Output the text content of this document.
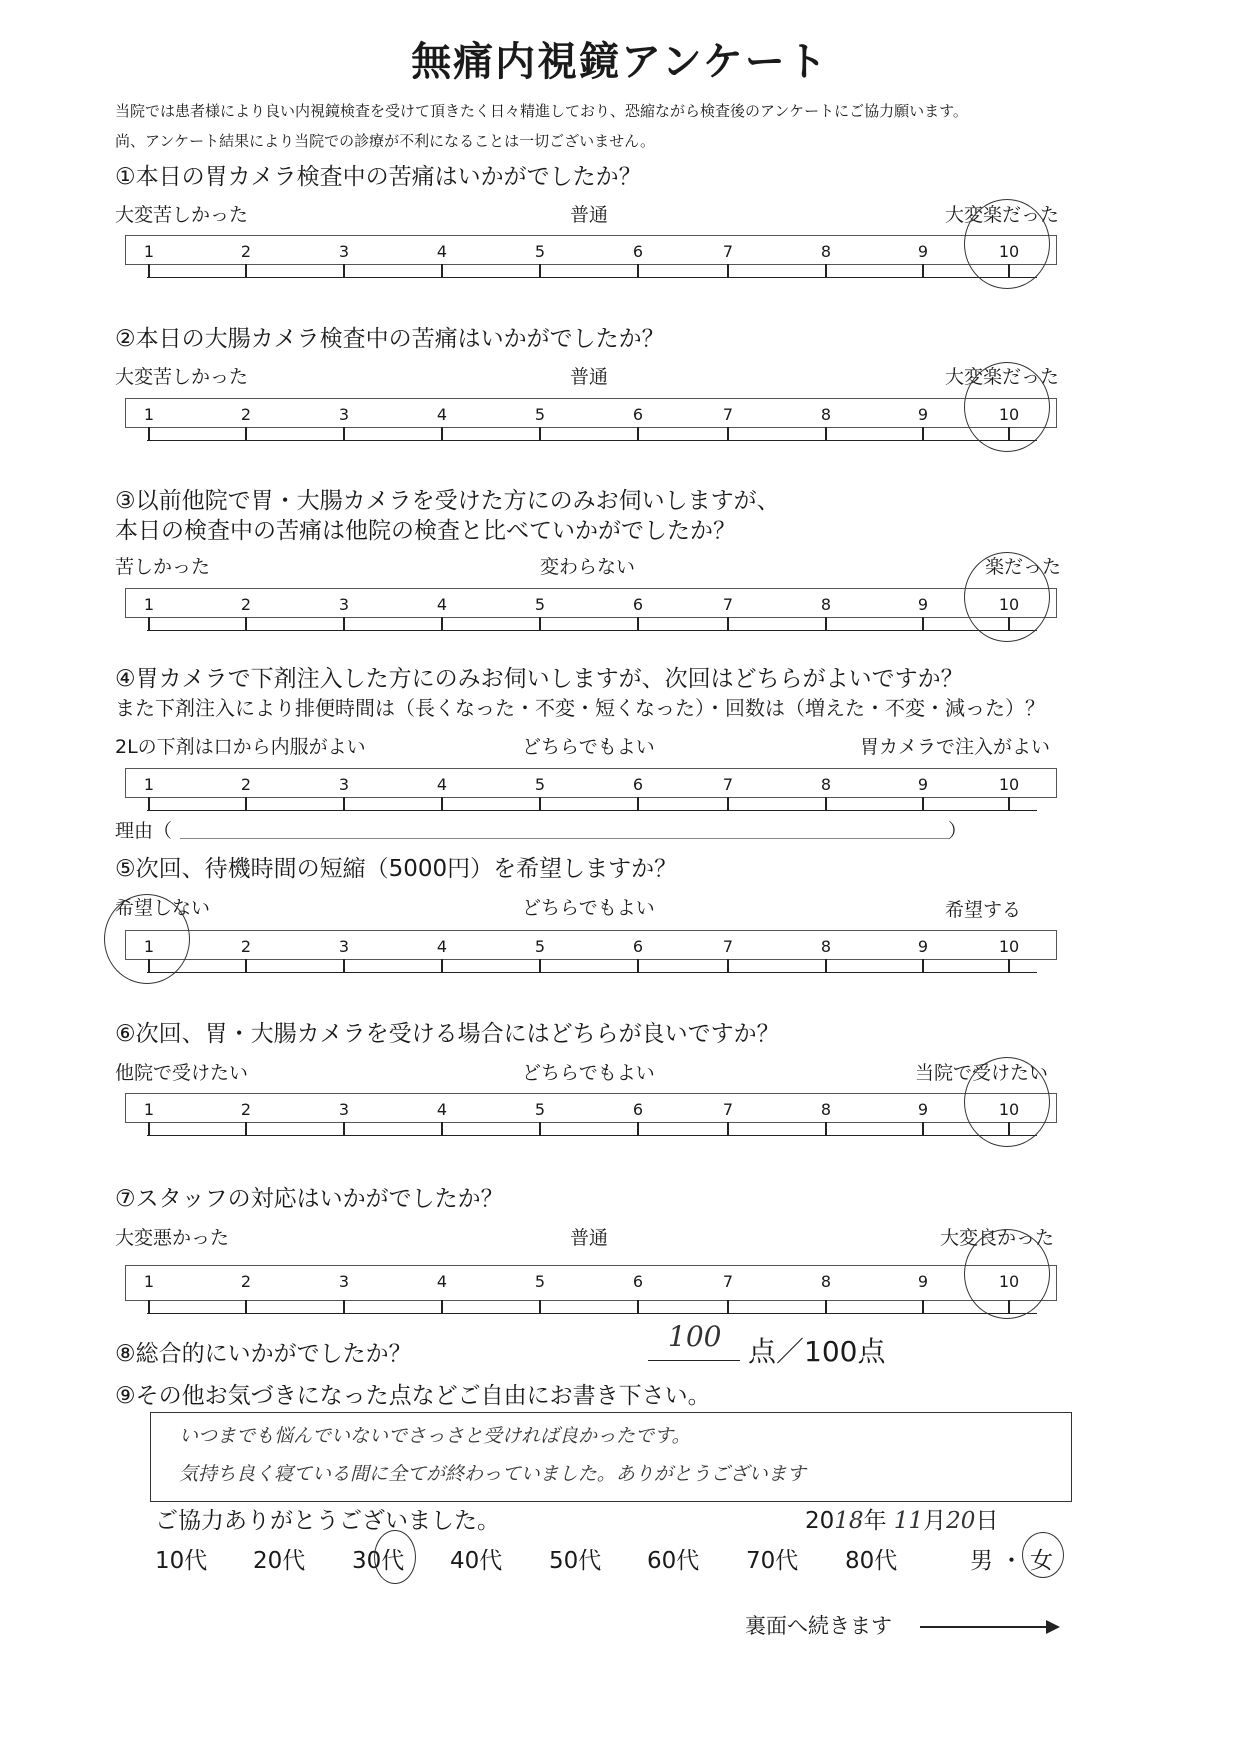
無痛内視鏡アンケート
当院では患者様により良い内視鏡検査を受けて頂きたく日々精進しており、恐縮ながら検査後のアンケートにご協力願います。
尚、アンケート結果により当院での診療が不利になることは一切ございません。
①本日の胃カメラ検査中の苦痛はいかがでしたか？
大変苦しかった	普通	大変楽だった
1	2	3	4	5	6	7	8	9	10
②本日の大腸カメラ検査中の苦痛はいかがでしたか？
大変苦しかった	普通	大変楽だった
1	2	3	4	5	6	7	8	9	10
③以前他院で胃・大腸カメラを受けた方にのみお伺いしますが、
本日の検査中の苦痛は他院の検査と比べていかがでしたか？
苦しかった	変わらない	楽だった
1	2	3	4	5	6	7	8	9	10
④胃カメラで下剤注入した方にのみお伺いしますが、次回はどちらがよいですか？
また下剤注入により排便時間は（長くなった・不変・短くなった）・回数は（増えた・不変・減った）？
2Lの下剤は口から内服がよい	どちらでもよい	胃カメラで注入がよい
1	2	3	4	5	6	7	8	9	10
理由（	）
⑤次回、待機時間の短縮（5000円）を希望しますか？
希望しない	どちらでもよい	希望する
1	2	3	4	5	6	7	8	9	10
⑥次回、胃・大腸カメラを受ける場合にはどちらが良いですか？
他院で受けたい	どちらでもよい	当院で受けたい
1	2	3	4	5	6	7	8	9	10
⑦スタッフの対応はいかがでしたか？
大変悪かった	普通	大変良かった
1	2	3	4	5	6	7	8	9	10
⑧総合的にいかがでしたか？
100 点／100点
⑨その他お気づきになった点などご自由にお書き下さい。
いつまでも悩んでいないでさっさと受ければ良かったです。
気持ち良く寝ている間に全てが終わっていました。ありがとうございます
ご協力ありがとうございました。	2018年 11月20日
10代 20代 30代 40代 50代 60代 70代 80代	男 ・ 女
裏面へ続きます
